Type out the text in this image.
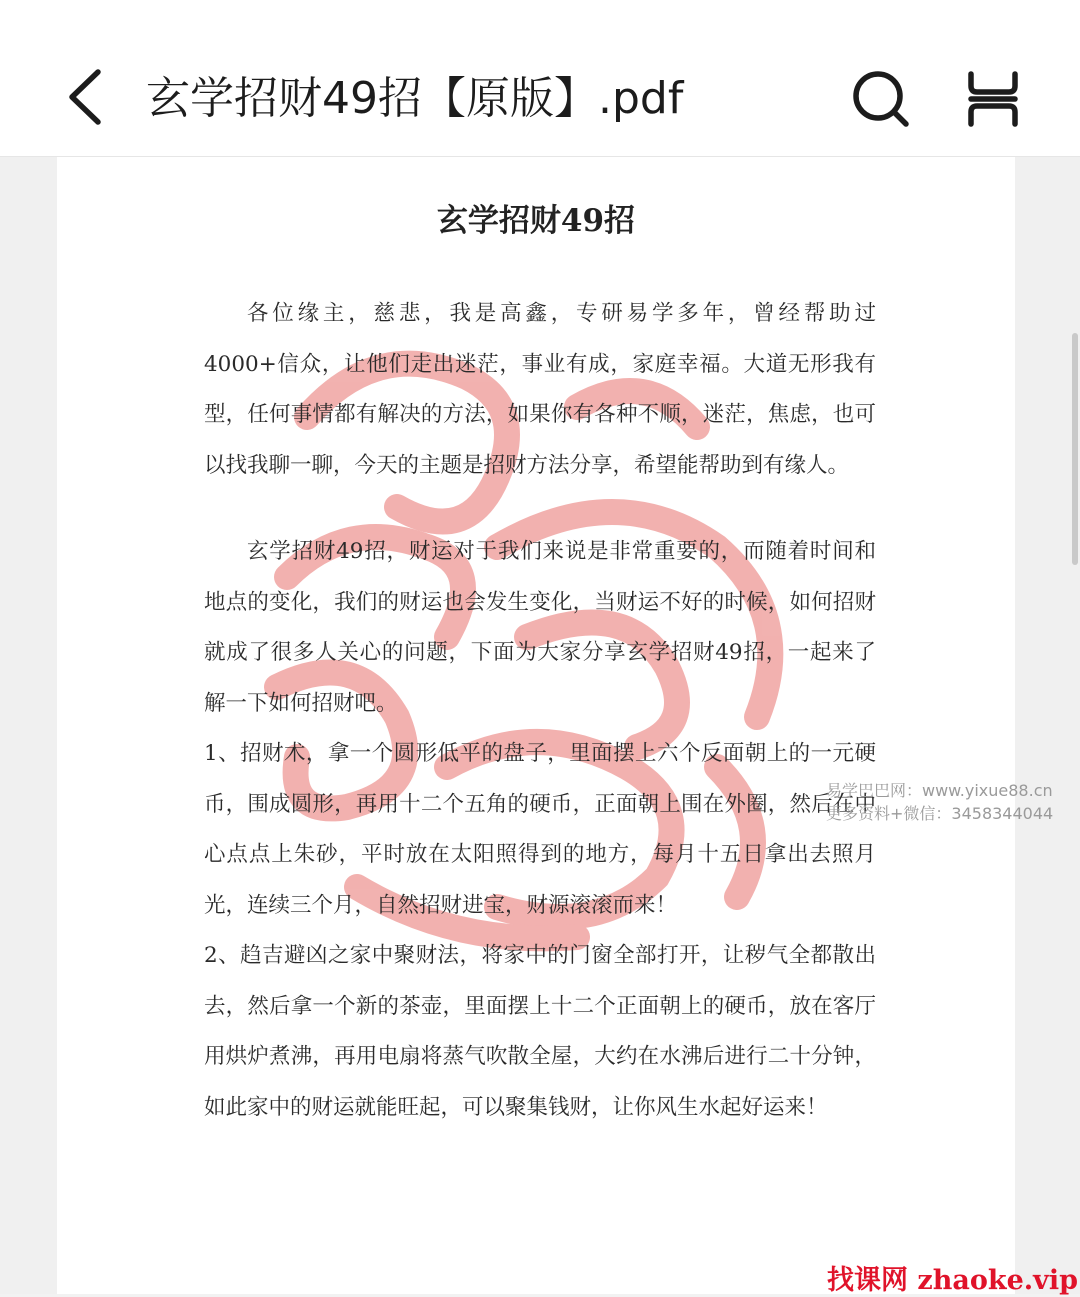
玄学招财49招【原版】.pdf
玄学招财49招

各位缘主，慈悲，我是高鑫，专研易学多年，曾经帮助过4000+信众，让他们走出迷茫，事业有成，家庭幸福。大道无形我有型，任何事情都有解决的方法，如果你有各种不顺，迷茫，焦虑，也可以找我聊一聊，今天的主题是招财方法分享，希望能帮助到有缘人。

玄学招财49招，财运对于我们来说是非常重要的，而随着时间和地点的变化，我们的财运也会发生变化，当财运不好的时候，如何招财就成了很多人关心的问题，下面为大家分享玄学招财49招，一起来了解一下如何招财吧。

1、招财术，拿一个圆形低平的盘子，里面摆上六个反面朝上的一元硬币，围成圆形，再用十二个五角的硬币，正面朝上围在外圈，然后在中心点点上朱砂，平时放在太阳照得到的地方，每月十五日拿出去照月光，连续三个月，自然招财进宝，财源滚滚而来！

2、趋吉避凶之家中聚财法，将家中的门窗全部打开，让秽气全都散出去，然后拿一个新的茶壶，里面摆上十二个正面朝上的硬币，放在客厅用烘炉煮沸，再用电扇将蒸气吹散全屋，大约在水沸后进行二十分钟，如此家中的财运就能旺起，可以聚集钱财，让你风生水起好运来！

易学巴巴网：www.yixue88.cn
更多资料+微信：3458344044
找课网 zhaoke.vip
